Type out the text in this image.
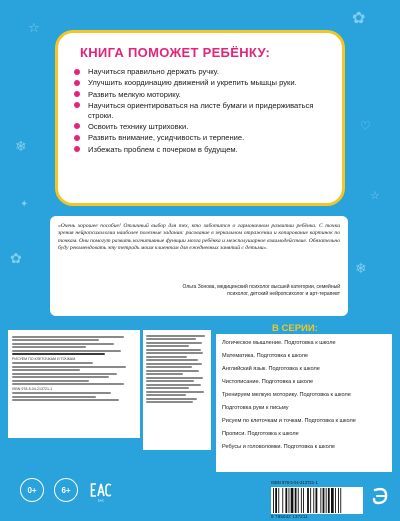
☆
✿
❄
♡
☆
❄
✿
✦
КНИГА ПОМОЖЕТ РЕБЁНКУ:
Научиться правильно держать ручку.
Улучшить координацию движений и укрепить мышцы руки.
Развить мелкую моторику.
Научиться ориентироваться на листе бумаги и придерживаться строки.
Освоить технику штриховки.
Развить внимание, усидчивость и терпение.
Избежать проблем с почерком в будущем.

«Очень хорошее пособие! Отличный выбор для тех, кто заботится о гармоничном развитии ребёнка. С точки зрения нейропсихологии наиболее полезные задания: рисование в зеркальном отражении и копирование картинок по точкам. Они помогут развить когнитивные функции мозга ребёнка и межполушарное взаимодействие. Обязательно буду рекомендовать эту тетрадь моим клиентам для ежедневных занятий с детьми».

Ольга Зонова, медицинский психолог высшей категории, семейный психолог, детский нейропсихолог и арт-терапевт

РИСУЕМ ПО КЛЕТОЧКАМ И ТОЧКАМ
ISBN 978-5-04-213721-1
В СЕРИИ:
Логическое мышление. Подготовка к школе
Математика. Подготовка к школе
Английский язык. Подготовка к школе
Чистописание. Подготовка к школе
Тренируем мелкую моторику. Подготовка к школе
Подготовка руки к письму
Рисуем по клеточкам и точкам. Подготовка к школе
Прописи. Подготовка к школе
Ребусы и головоломки. Подготовка к школе
ISBN 978-5-04-213721-1
9 785042 137211
0+	6+
EAC
